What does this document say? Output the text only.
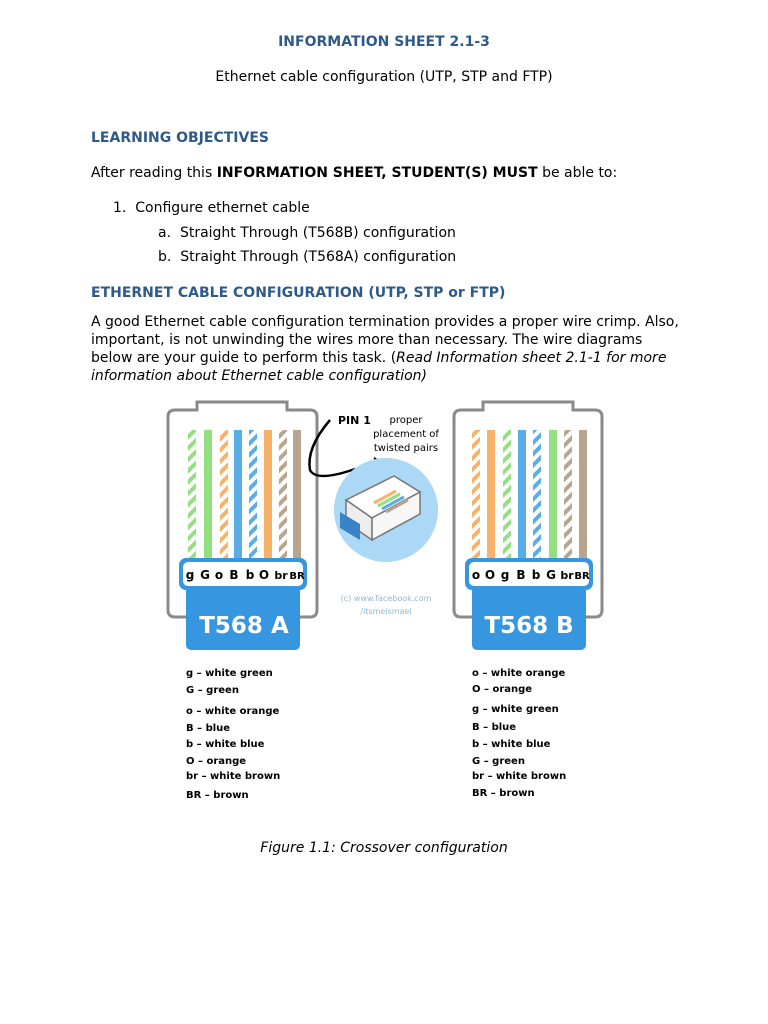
INFORMATION SHEET 2.1-3
Ethernet cable configuration (UTP, STP and FTP)
LEARNING OBJECTIVES
After reading this INFORMATION SHEET, STUDENT(S) MUST be able to:
1. Configure ethernet cable
a. Straight Through (T568B) configuration
b. Straight Through (T568A) configuration
ETHERNET CABLE CONFIGURATION (UTP, STP or FTP)
A good Ethernet cable configuration termination provides a proper wire crimp. Also, important, is not unwinding the wires more than necessary. The wire diagrams below are your guide to perform this task. (Read Information sheet 2.1-1 for more information about Ethernet cable configuration)
g G o B b O br BR
T568 A
o O g B b G br BR
T568 B
PIN 1 proper
placement of
twisted pairs
(c) www.facebook.com
/itsmeismael
g – white green
G – green
o – white orange
B – blue
b – white blue
O – orange
br – white brown
BR – brown
o – white orange
O – orange
g – white green
B – blue
b – white blue
G – green
br – white brown
BR – brown
Figure 1.1: Crossover configuration
